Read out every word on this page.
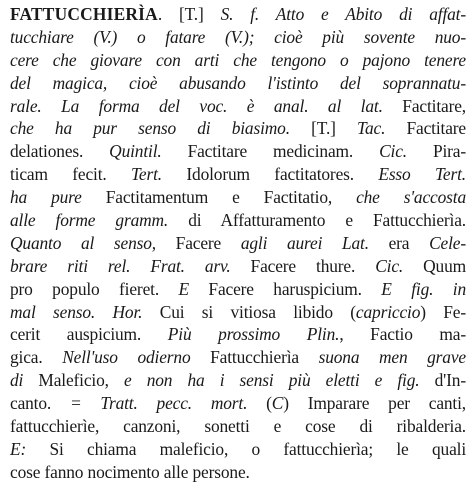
FATTUCCHIERÌA. [T.] S. f. Atto e Abito di affat-
tucchiare (V.) o fatare (V.); cioè più sovente nuo-
cere che giovare con arti che tengono o pajono tenere
del magica, cioè abusando l'istinto del soprannatu-
rale. La forma del voc. è anal. al lat. Factitare,
che ha pur senso di biasimo. [T.] Tac. Factitare
delationes. Quintil. Factitare medicinam. Cic. Pira-
ticam fecit. Tert. Idolorum factitatores. Esso Tert.
ha pure Factitamentum e Factitatio, che s'accosta
alle forme gramm. di Affatturamento e Fattucchierìa.
Quanto al senso, Facere agli aurei Lat. era Cele-
brare riti rel. Frat. arv. Facere thure. Cic. Quum
pro populo fieret. E Facere haruspicium. E fig. in
mal senso. Hor. Cui si vitiosa libido (capriccio) Fe-
cerit auspicium. Più prossimo Plin., Factio ma-
gica. Nell'uso odierno Fattucchierìa suona men grave
di Maleficio, e non ha i sensi più eletti e fig. d'In-
canto. = Tratt. pecc. mort. (C) Imparare per canti,
fattucchierìe, canzoni, sonetti e cose di ribalderia.
E: Si chiama maleficio, o fattucchierìa; le quali
cose fanno nocimento alle persone.
